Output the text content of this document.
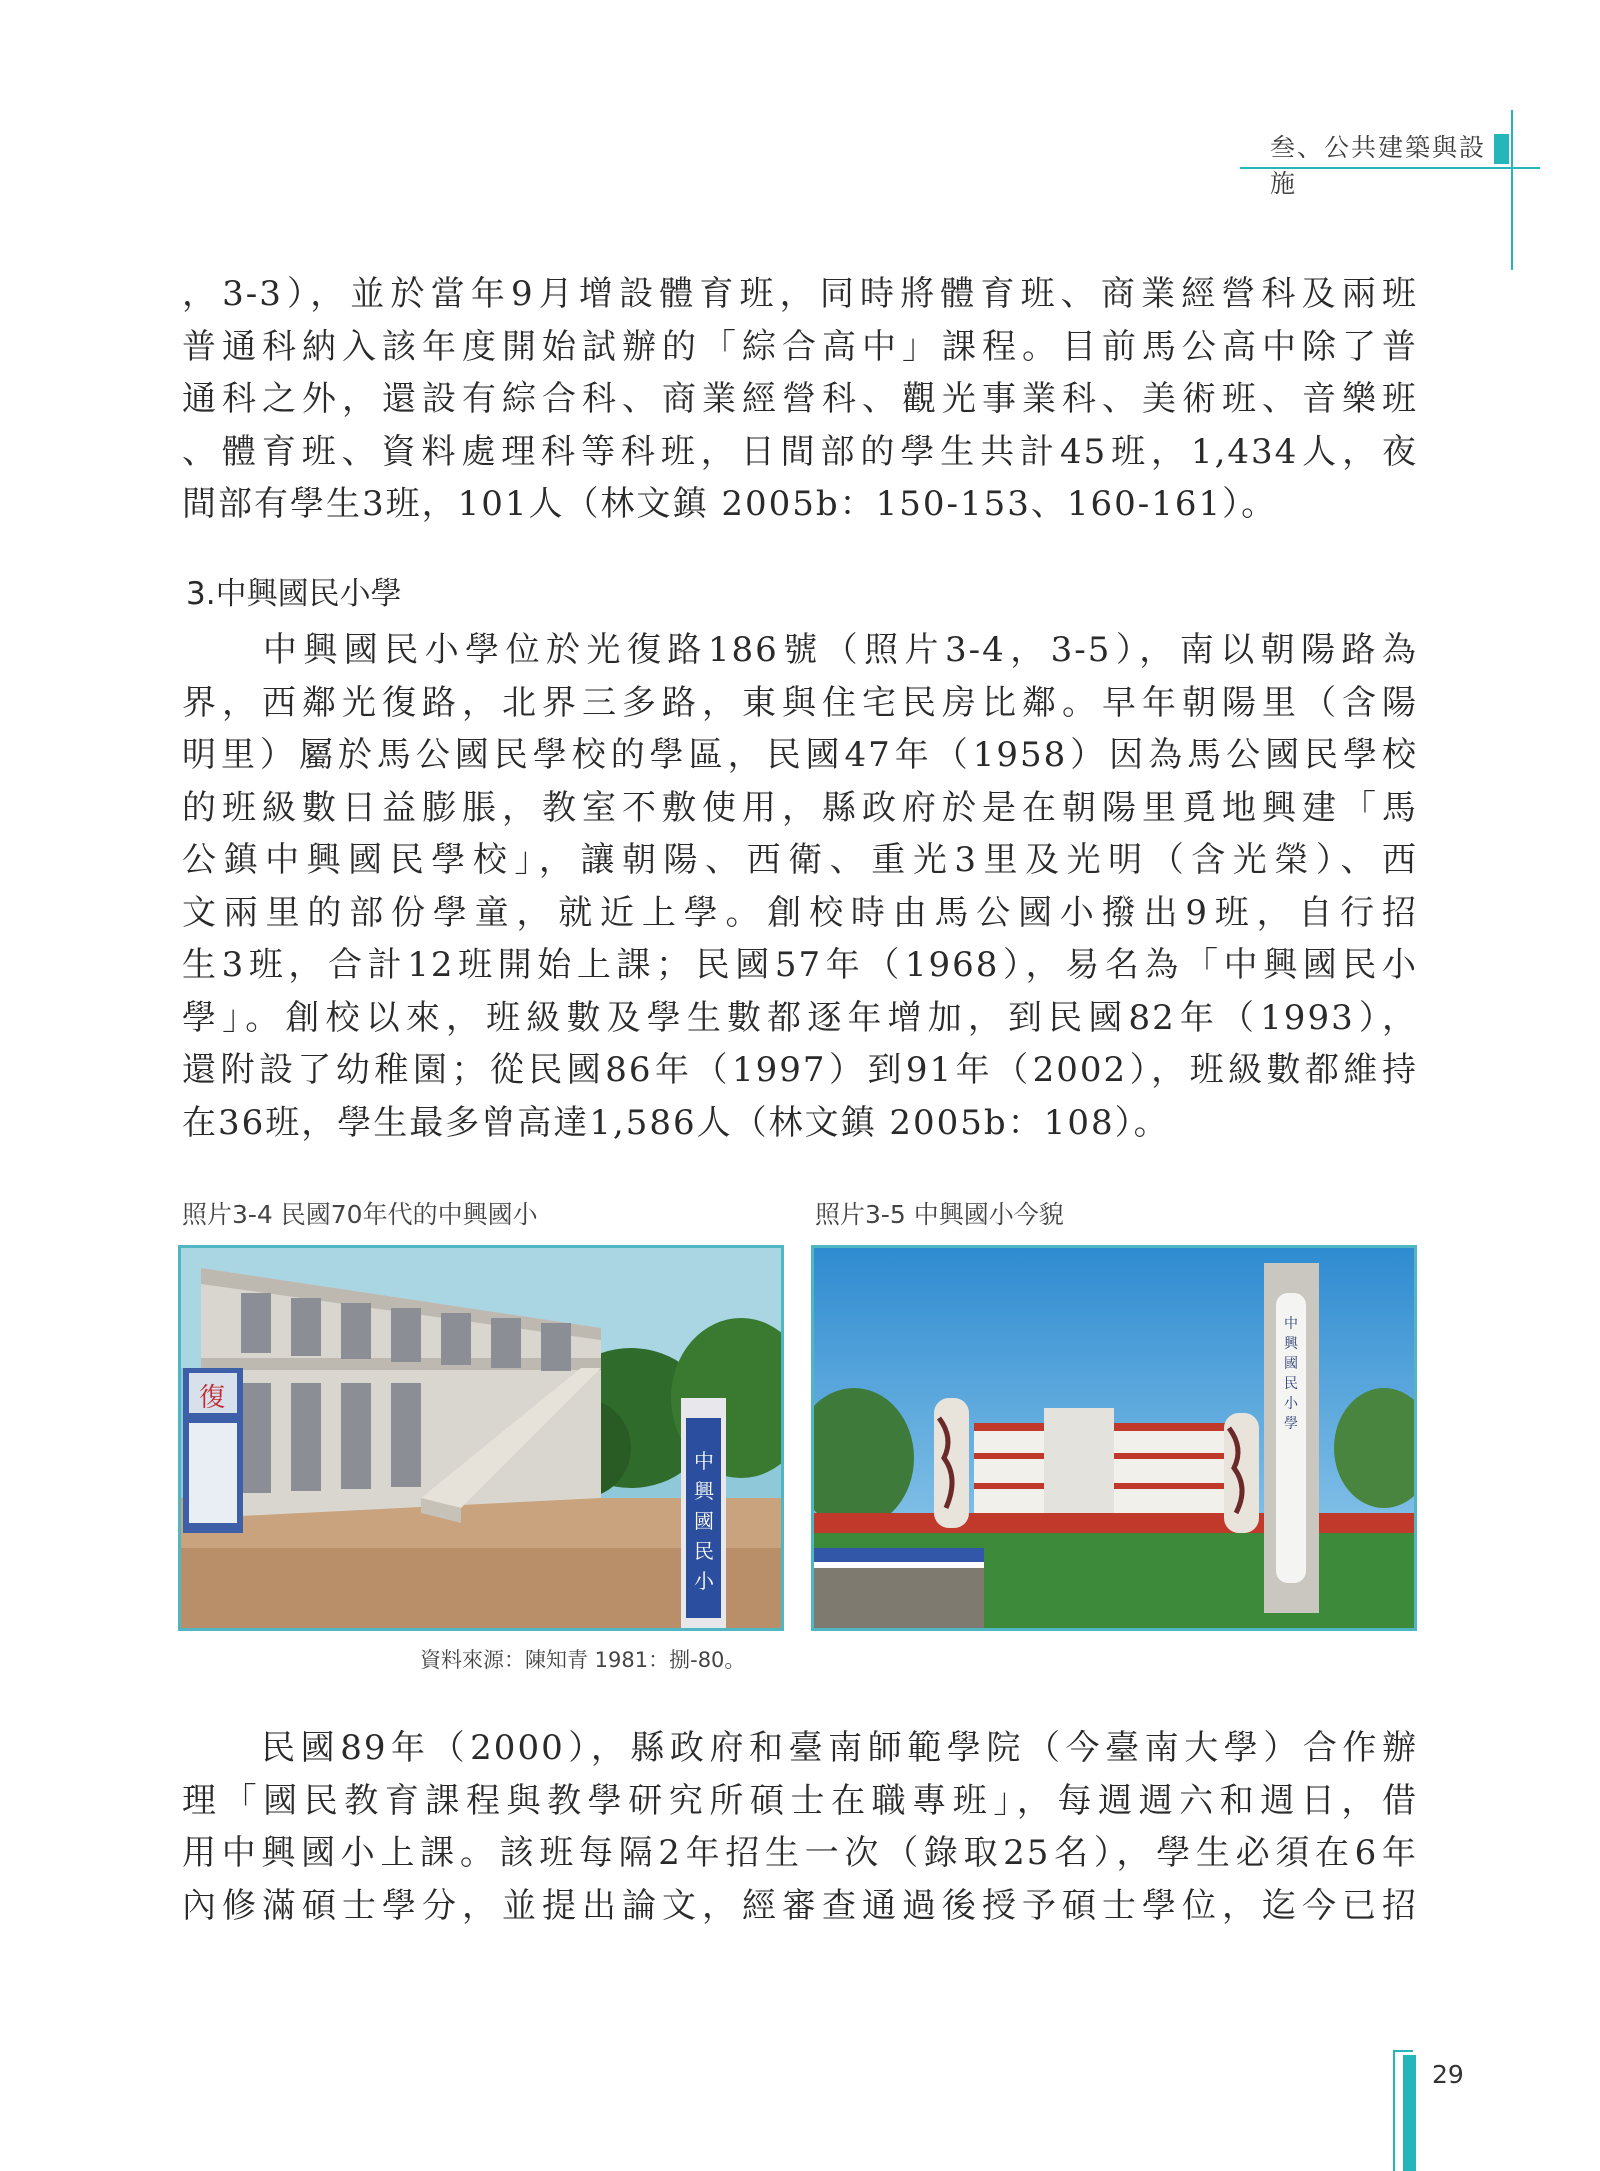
叁、公共建築與設施
，3-3），並於當年9月增設體育班，同時將體育班、商業經營科及兩班
普通科納入該年度開始試辦的「綜合高中」課程。目前馬公高中除了普
通科之外，還設有綜合科、商業經營科、觀光事業科、美術班、音樂班
、體育班、資料處理科等科班，日間部的學生共計45班，1,434人，夜
間部有學生3班，101人（林文鎮 2005b：150-153、160-161）。
3.中興國民小學
　　中興國民小學位於光復路186號（照片3-4，3-5），南以朝陽路為
界，西鄰光復路，北界三多路，東與住宅民房比鄰。早年朝陽里（含陽
明里）屬於馬公國民學校的學區，民國47年（1958）因為馬公國民學校
的班級數日益膨脹，教室不敷使用，縣政府於是在朝陽里覓地興建「馬
公鎮中興國民學校」，讓朝陽、西衛、重光3里及光明（含光榮）、西
文兩里的部份學童，就近上學。創校時由馬公國小撥出9班，自行招
生3班，合計12班開始上課；民國57年（1968），易名為「中興國民小
學」。創校以來，班級數及學生數都逐年增加，到民國82年（1993），
還附設了幼稚園；從民國86年（1997）到91年（2002），班級數都維持
在36班，學生最多曾高達1,586人（林文鎮 2005b：108）。
照片3-4 民國70年代的中興國小	照片3-5 中興國小今貌
復
中
興
國
民
小
中
興
國
民
小
學
資料來源：陳知青 1981：捌-80。
　　民國89年（2000），縣政府和臺南師範學院（今臺南大學）合作辦
理「國民教育課程與教學研究所碩士在職專班」，每週週六和週日，借
用中興國小上課。該班每隔2年招生一次（錄取25名），學生必須在6年
內修滿碩士學分，並提出論文，經審查通過後授予碩士學位，迄今已招
29
